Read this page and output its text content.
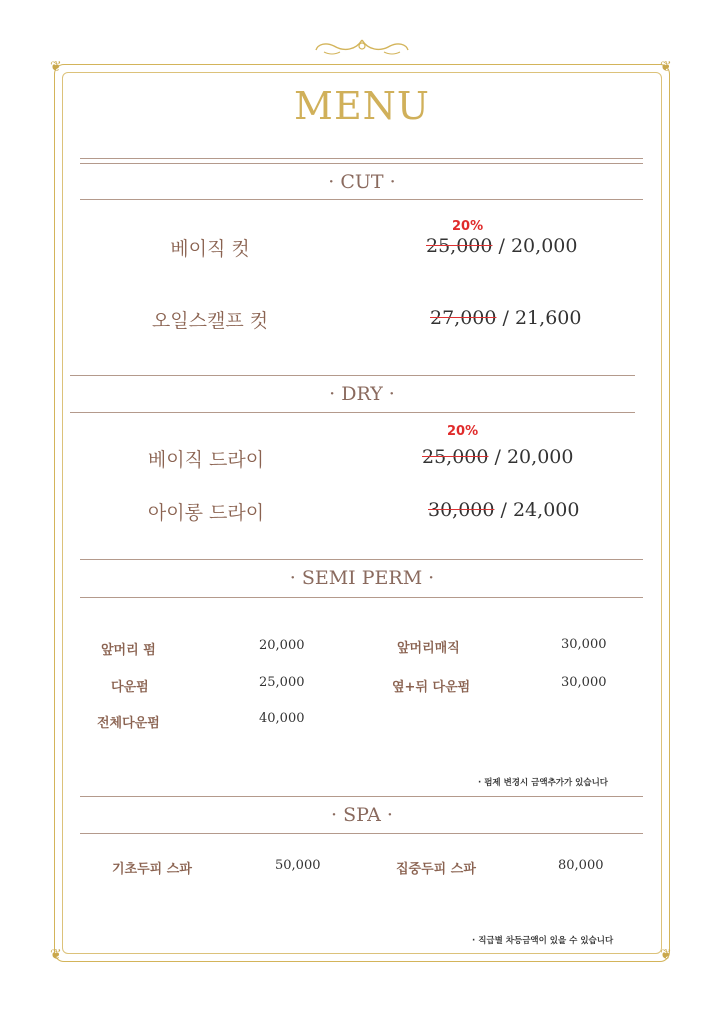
❦	❦
❦	❦
MENU
· CUT ·
20%
베이직 컷	25,000 / 20,000
오일스캘프 컷	27,000 / 21,600
· DRY ·
20%
베이직 드라이	25,000 / 20,000
아이롱 드라이	30,000 / 24,000
· SEMI PERM ·
앞머리 펌	20,000	앞머리매직	30,000
다운펌	25,000	옆+뒤 다운펌	30,000
전체다운펌	40,000
· 펌제 변경시 금액추가가 있습니다
· SPA ·
기초두피 스파	50,000	집중두피 스파	80,000
· 직급별 차등금액이 있을 수 있습니다
